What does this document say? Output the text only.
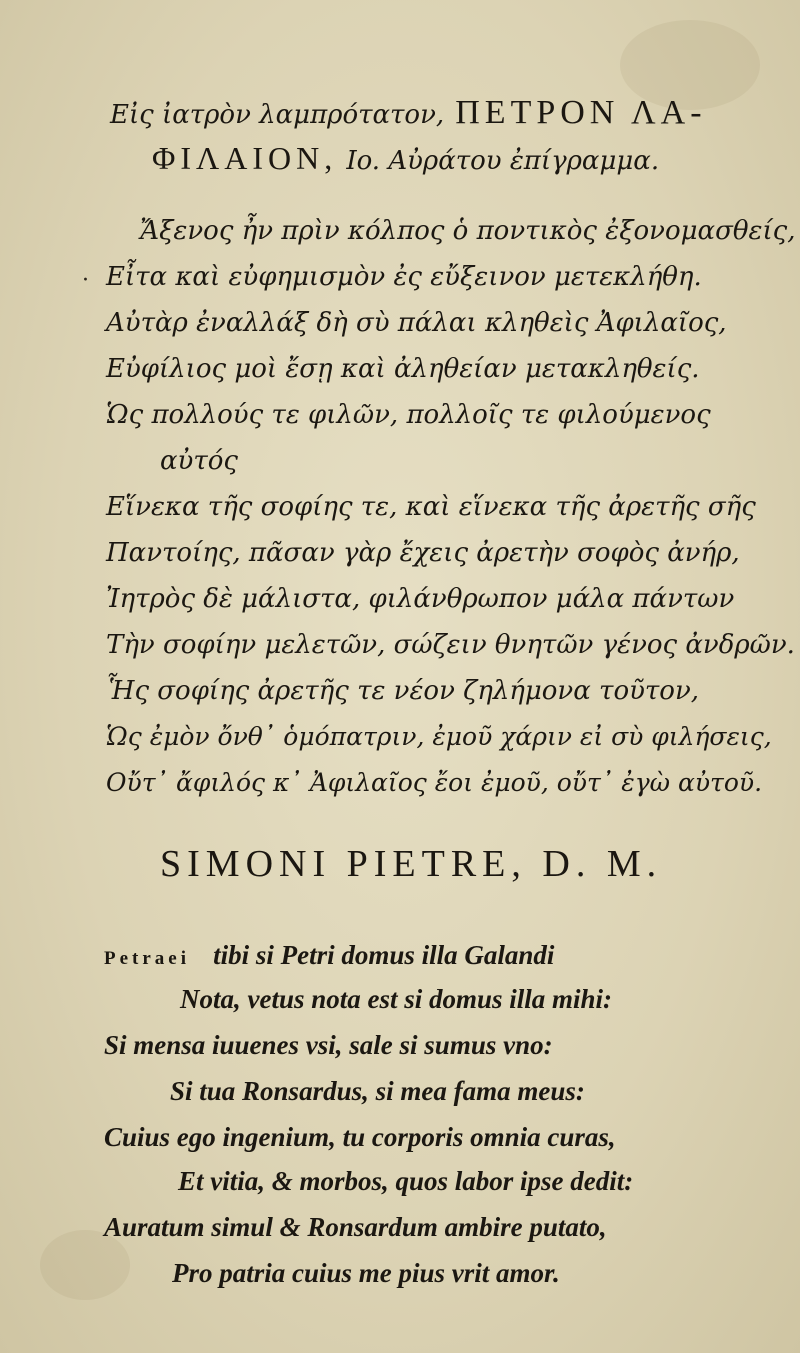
Εἰς ἰατρὸν λαμπρότατον, ΠΕΤΡΟΝ ΛΑ-
ΦΙΛΑΙΟΝ, Io. Αὐράτου ἐπίγραμμα.
Ἄξενος ἦν πρὶν κόλπος ὁ ποντικὸς ἐξονομασθείς,
· Εἶτα καὶ εὐφημισμὸν ἐς εὔξεινον μετεκλήθη.
Αὐτὰρ ἐναλλάξ δὴ σὺ πάλαι κληθεὶς Ἀφιλαῖος,
Εὐφίλιος μοὶ ἔσῃ καὶ ἀληθείαν μετακληθείς.
Ὡς πολλούς τε φιλῶν, πολλοῖς τε φιλούμενος
αὐτός
Εἵνεκα τῆς σοφίης τε, καὶ εἵνεκα τῆς ἀρετῆς σῆς
Παντοίης, πᾶσαν γὰρ ἔχεις ἀρετὴν σοφὸς ἀνήρ,
Ἰητρὸς δὲ μάλιστα, φιλάνθρωπον μάλα πάντων
Τὴν σοφίην μελετῶν, σώζειν θνητῶν γένος ἀνδρῶν.
Ἧς σοφίης ἀρετῆς τε νέον ζηλήμονα τοῦτον,
Ὡς ἐμὸν ὄνθ᾽ ὁμόπατριν, ἐμοῦ χάριν εἰ σὺ φιλήσεις,
Οὔτ᾽ ἄφιλός κ᾽ Ἀφιλαῖος ἔοι ἐμοῦ, οὔτ᾽ ἐγὼ αὐτοῦ.
SIMONI PIETRE, D. M.
Petraei tibi si Petri domus illa Galandi
Nota, vetus nota est si domus illa mihi:
Si mensa iuuenes vsi, sale si sumus vno:
Si tua Ronsardus, si mea fama meus:
Cuius ego ingenium, tu corporis omnia curas,
Et vitia, & morbos, quos labor ipse dedit:
Auratum simul & Ronsardum ambire putato,
Pro patria cuius me pius vrit amor.
